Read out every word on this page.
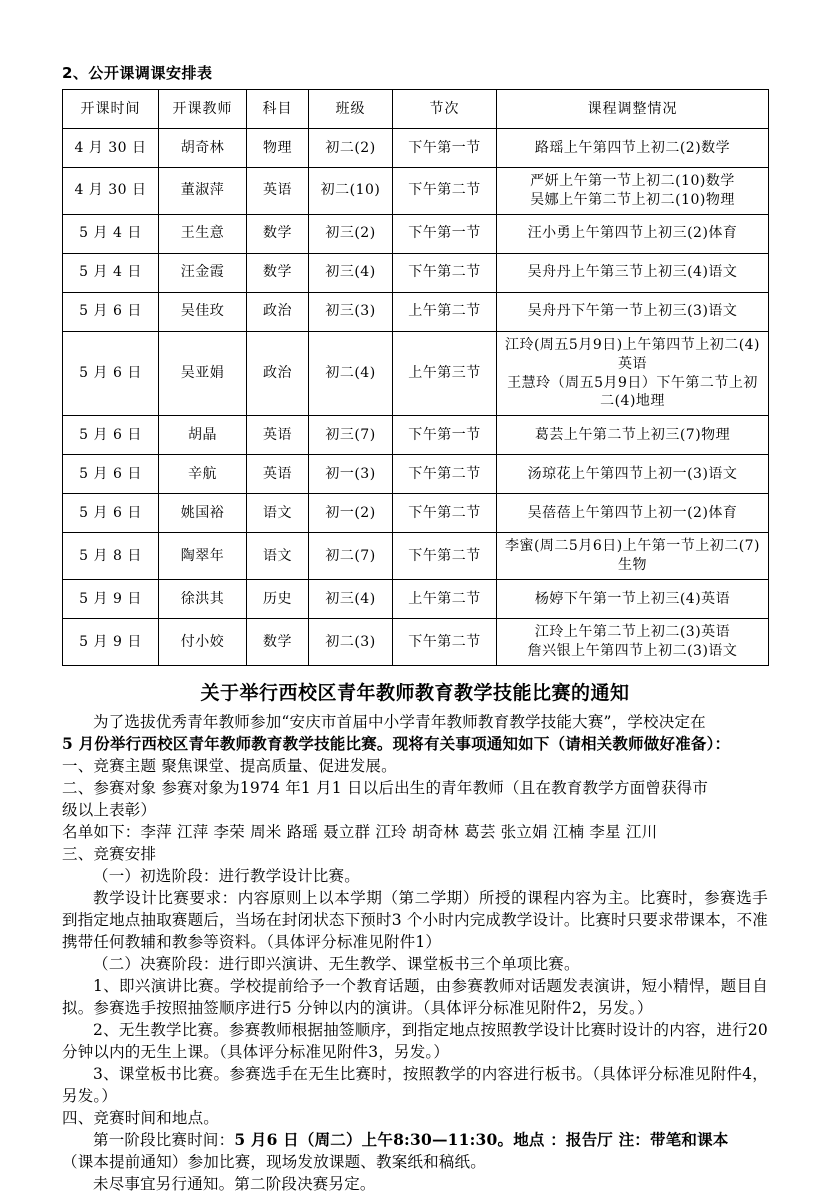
2、公开课调课安排表
开课时间	开课教师	科目	班级	节次	课程调整情况
4 月 30 日	胡奇林	物理	初二(2)	下午第一节	路瑶上午第四节上初二(2)数学
4 月 30 日	董淑萍	英语	初二(10)	下午第二节	严妍上午第一节上初二(10)数学
吴娜上午第二节上初二(10)物理
5 月 4 日	王生意	数学	初三(2)	下午第一节	汪小勇上午第四节上初三(2)体育
5 月 4 日	汪金霞	数学	初三(4)	下午第二节	吴舟丹上午第三节上初三(4)语文
5 月 6 日	吴佳玫	政治	初三(3)	上午第二节	吴舟丹下午第一节上初三(3)语文
5 月 6 日	吴亚娟	政治	初二(4)	上午第三节	江玲(周五5月9日)上午第四节上初二(4)英语
王慧玲（周五5月9日）下午第二节上初二(4)地理
5 月 6 日	胡晶	英语	初三(7)	下午第一节	葛芸上午第二节上初三(7)物理
5 月 6 日	辛航	英语	初一(3)	下午第二节	汤琼花上午第四节上初一(3)语文
5 月 6 日	姚国裕	语文	初一(2)	下午第二节	吴蓓蓓上午第四节上初一(2)体育
5 月 8 日	陶翠年	语文	初二(7)	下午第二节	李蜜(周二5月6日)上午第一节上初二(7)生物
5 月 9 日	徐洪其	历史	初三(4)	上午第二节	杨婷下午第一节上初三(4)英语
5 月 9 日	付小姣	数学	初二(3)	下午第二节	江玲上午第二节上初二(3)英语
詹兴银上午第四节上初二(3)语文
关于举行西校区青年教师教育教学技能比赛的通知

为了选拔优秀青年教师参加“安庆市首届中小学青年教师教育教学技能大赛”，学校决定在

5 月份举行西校区青年教师教育教学技能比赛。现将有关事项通知如下（请相关教师做好准备）：

一、竞赛主题 聚焦课堂、提高质量、促进发展。

二、参赛对象 参赛对象为1974 年1 月1 日以后出生的青年教师（且在教育教学方面曾获得市

级以上表彰）

名单如下：李萍 江萍 李荣 周米 路瑶 聂立群 江玲 胡奇林 葛芸 张立娟 江楠 李星 江川

三、竞赛安排

（一）初选阶段：进行教学设计比赛。

教学设计比赛要求：内容原则上以本学期（第二学期）所授的课程内容为主。比赛时，参赛选手到指定地点抽取赛题后，当场在封闭状态下预时3 个小时内完成教学设计。比赛时只要求带课本，不准携带任何教辅和教参等资料。（具体评分标准见附件1）

（二）决赛阶段：进行即兴演讲、无生教学、课堂板书三个单项比赛。

1、即兴演讲比赛。学校提前给予一个教育话题，由参赛教师对话题发表演讲，短小精悍，题目自拟。参赛选手按照抽签顺序进行5 分钟以内的演讲。（具体评分标准见附件2，另发。）

2、无生教学比赛。参赛教师根据抽签顺序，到指定地点按照教学设计比赛时设计的内容，进行20 分钟以内的无生上课。（具体评分标准见附件3，另发。）

3、课堂板书比赛。参赛选手在无生比赛时，按照教学的内容进行板书。（具体评分标准见附件4，另发。）

四、竞赛时间和地点。

第一阶段比赛时间：5 月6 日（周二）上午8:30—11:30。地点 ：报告厅 注：带笔和课本

（课本提前通知）参加比赛，现场发放课题、教案纸和稿纸。

未尽事宜另行通知。第二阶段决赛另定。
